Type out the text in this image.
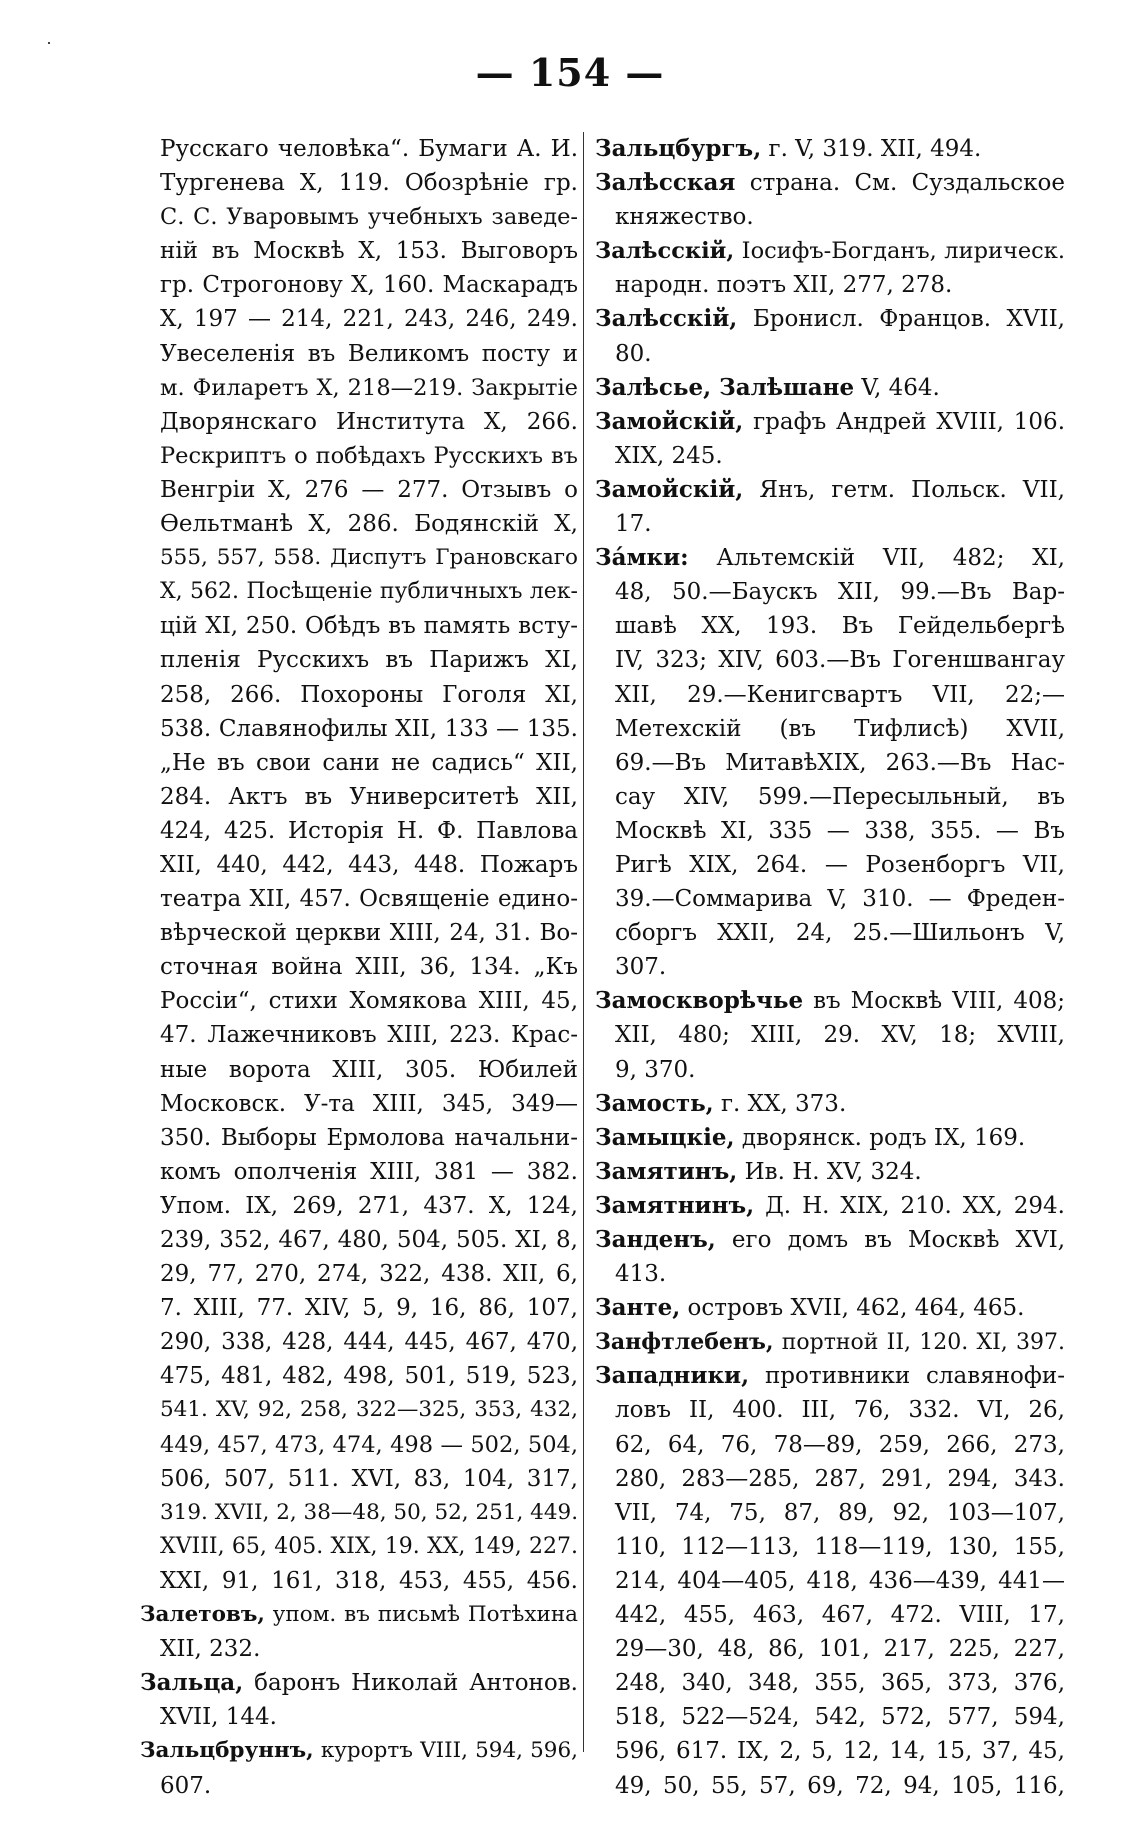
— 154 —
Русскаго человѣка“. Бумаги А. И.
Тургенева X, 119. Обозрѣніе гр.
С. С. Уваровымъ учебныхъ заведе-
ній въ Москвѣ X, 153. Выговоръ
гр. Строгонову X, 160. Маскарадъ
X, 197 — 214, 221, 243, 246, 249.
Увеселенія въ Великомъ посту и
м. Филаретъ X, 218—219. Закрытіе
Дворянскаго Института X, 266.
Рескриптъ о побѣдахъ Русскихъ въ
Венгріи X, 276 — 277. Отзывъ о
Ѳельтманѣ X, 286. Бодянскій X,
555, 557, 558. Диспутъ Грановскаго
X, 562. Посѣщеніе публичныхъ лек-
цій XI, 250. Обѣдъ въ память всту-
пленія Русскихъ въ Парижъ XI,
258, 266. Похороны Гоголя XI,
538. Славянофилы XII, 133 — 135.
„Не въ свои сани не садись“ XII,
284. Актъ въ Университетѣ XII,
424, 425. Исторія Н. Ф. Павлова
XII, 440, 442, 443, 448. Пожаръ
театра XII, 457. Освященіе едино-
вѣрческой церкви XIII, 24, 31. Во-
сточная война XIII, 36, 134. „Къ
Россіи“, стихи Хомякова XIII, 45,
47. Лажечниковъ XIII, 223. Крас-
ные ворота XIII, 305. Юбилей
Московск. У-та XIII, 345, 349—
350. Выборы Ермолова начальни-
комъ ополченія XIII, 381 — 382.
Упом. IX, 269, 271, 437. X, 124,
239, 352, 467, 480, 504, 505. XI, 8,
29, 77, 270, 274, 322, 438. XII, 6,
7. XIII, 77. XIV, 5, 9, 16, 86, 107,
290, 338, 428, 444, 445, 467, 470,
475, 481, 482, 498, 501, 519, 523,
541. XV, 92, 258, 322—325, 353, 432,
449, 457, 473, 474, 498 — 502, 504,
506, 507, 511. XVI, 83, 104, 317,
319. XVII, 2, 38—48, 50, 52, 251, 449.
XVIII, 65, 405. XIX, 19. XX, 149, 227.
XXI, 91, 161, 318, 453, 455, 456.
Залетовъ, упом. въ письмѣ Потѣхина
XII, 232.
Зальца, баронъ Николай Антонов.
XVII, 144.
Зальцбруннъ, курортъ VIII, 594, 596,
607.
Зальцбургъ, г. V, 319. XII, 494.
Залѣсская страна. См. Суздальское
княжество.
Залѣсскій, Іосифъ-Богданъ, лирическ.
народн. поэтъ XII, 277, 278.
Залѣсскій, Бронисл. Францов. XVII,
80.
Залѣсье, Залѣшане V, 464.
Замойскій, графъ Андрей XVIII, 106.
XIX, 245.
Замойскій, Янъ, гетм. Польск. VII,
17.
За́мки: Альтемскій VII, 482; XI,
48, 50.—Баускъ XII, 99.—Въ Вар-
шавѣ XX, 193. Въ Гейдельбергѣ
IV, 323; XIV, 603.—Въ Гогеншвангау
XII, 29.—Кенигсвартъ VII, 22;—
Метехскій (въ Тифлисѣ) XVII,
69.—Въ МитавѣXIX, 263.—Въ Нас-
сау XIV, 599.—Пересыльный, въ
Москвѣ XI, 335 — 338, 355. — Въ
Ригѣ XIX, 264. — Розенборгъ VII,
39.—Соммарива V, 310. — Фреден-
сборгъ XXII, 24, 25.—Шильонъ V,
307.
Замоскворѣчье въ Москвѣ VIII, 408;
XII, 480; XIII, 29. XV, 18; XVIII,
9, 370.
Замость, г. XX, 373.
Замыцкіе, дворянск. родъ IX, 169.
Замятинъ, Ив. Н. XV, 324.
Замятнинъ, Д. Н. XIX, 210. XX, 294.
Занденъ, его домъ въ Москвѣ XVI,
413.
Занте, островъ XVII, 462, 464, 465.
Занфтлебенъ, портной II, 120. XI, 397.
Западники, противники славянофи-
ловъ II, 400. III, 76, 332. VI, 26,
62, 64, 76, 78—89, 259, 266, 273,
280, 283—285, 287, 291, 294, 343.
VII, 74, 75, 87, 89, 92, 103—107,
110, 112—113, 118—119, 130, 155,
214, 404—405, 418, 436—439, 441—
442, 455, 463, 467, 472. VIII, 17,
29—30, 48, 86, 101, 217, 225, 227,
248, 340, 348, 355, 365, 373, 376,
518, 522—524, 542, 572, 577, 594,
596, 617. IX, 2, 5, 12, 14, 15, 37, 45,
49, 50, 55, 57, 69, 72, 94, 105, 116,
